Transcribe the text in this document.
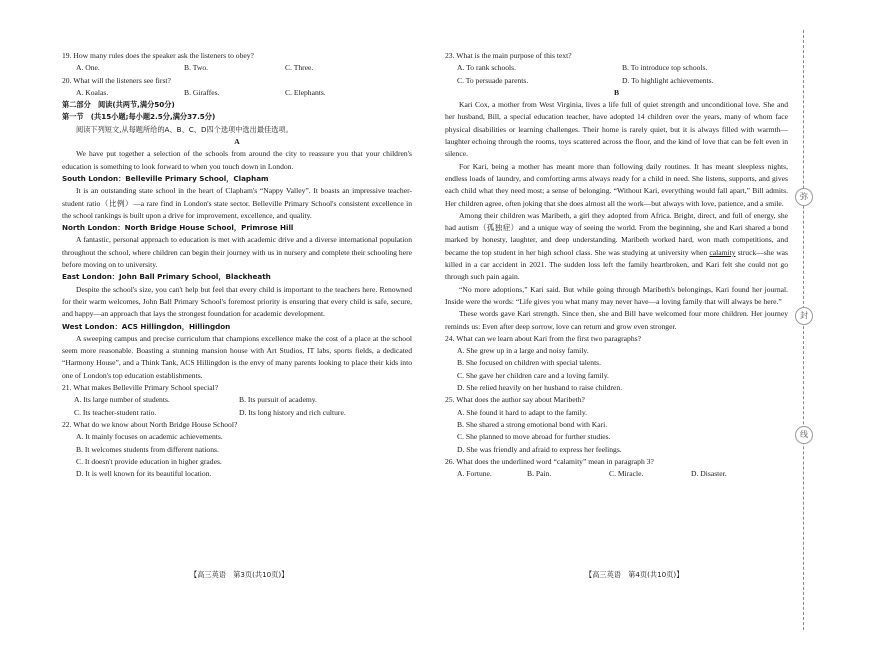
19. How many rules does the speaker ask the listeners to obey?

A. One.	B. Two.	C. Three.

20. What will the listeners see first?

A. Koalas.	B. Giraffes.	C. Elephants.

第二部分　阅读(共两节,满分50分)

第一节　(共15小题;每小题2.5分,满分37.5分)

阅读下列短文,从每题所给的A、B、C、D四个选项中选出最佳选项。

A

We have put together a selection of the schools from around the city to reassure you that your children's education is something to look forward to when you touch down in London.

South London：Belleville Primary School，Clapham

It is an outstanding state school in the heart of Clapham's “Nappy Valley”. It boasts an impressive teacher-student ratio（比例）—a rare find in London's state sector. Belleville Primary School's consistent excellence in the school rankings is built upon a drive for improvement, excellence, and quality.

North London：North Bridge House School，Primrose Hill

A fantastic, personal approach to education is met with academic drive and a diverse international population throughout the school, where children can begin their journey with us in nursery and complete their schooling here before moving on to university.

East London：John Ball Primary School，Blackheath

Despite the school's size, you can't help but feel that every child is important to the teachers here. Renowned for their warm welcomes, John Ball Primary School's foremost priority is ensuring that every child is safe, secure, and happy—an approach that lays the strongest foundation for academic development.

West London：ACS Hillingdon，Hillingdon

A sweeping campus and precise curriculum that champions excellence make the cost of a place at the school seem more reasonable. Boasting a stunning mansion house with Art Studios, IT labs, sports fields, a dedicated “Harmony House”, and a Think Tank, ACS Hillingdon is the envy of many parents looking to place their kids into one of London's top education establishments.

21. What makes Belleville Primary School special?

A. Its large number of students.	B. Its pursuit of academy.
C. Its teacher-student ratio.	D. Its long history and rich culture.

22. What do we know about North Bridge House School?

A. It mainly focuses on academic achievements.

B. It welcomes students from different nations.

C. It doesn't provide education in higher grades.

D. It is well known for its beautiful location.

23. What is the main purpose of this text?

A. To rank schools.	B. To introduce top schools.
C. To persuade parents.	D. To highlight achievements.

B

Kari Cox, a mother from West Virginia, lives a life full of quiet strength and unconditional love. She and her husband, Bill, a special education teacher, have adopted 14 children over the years, many of whom face physical disabilities or learning challenges. Their home is rarely quiet, but it is always filled with warmth—laughter echoing through the rooms, toys scattered across the floor, and the kind of love that can be felt even in silence.

For Kari, being a mother has meant more than following daily routines. It has meant sleepless nights, endless loads of laundry, and comforting arms always ready for a child in need. She listens, supports, and gives each child what they need most; a sense of belonging. “Without Kari, everything would fall apart,” Bill admits. Her children agree, often joking that she does almost all the work—but always with love, patience, and a smile.

Among their children was Maribeth, a girl they adopted from Africa. Bright, direct, and full of energy, she had autism（孤独症）and a unique way of seeing the world. From the beginning, she and Kari shared a bond marked by honesty, laughter, and deep understanding. Maribeth worked hard, won math competitions, and became the top student in her high school class. She was studying at university when calamity struck—she was killed in a car accident in 2021. The sudden loss left the family heartbroken, and Kari felt she could not go through such pain again.

“No more adoptions,” Kari said. But while going through Maribeth's belongings, Kari found her journal. Inside were the words: “Life gives you what many may never have—a loving family that will always be here.”

These words gave Kari strength. Since then, she and Bill have welcomed four more children. Her journey reminds us: Even after deep sorrow, love can return and grow even stronger.

24. What can we learn about Kari from the first two paragraphs?

A. She grew up in a large and noisy family.

B. She focused on children with special talents.

C. She gave her children care and a loving family.

D. She relied heavily on her husband to raise children.

25. What does the author say about Maribeth?

A. She found it hard to adapt to the family.

B. She shared a strong emotional bond with Kari.

C. She planned to move abroad for further studies.

D. She was friendly and afraid to express her feelings.

26. What does the underlined word “calamity” mean in paragraph 3?

A. Fortune.	B. Pain.	C. Miracle.	D. Disaster.
【高三英语　第3页(共10页)】	【高三英语　第4页(共10页)】
弥
封
线
